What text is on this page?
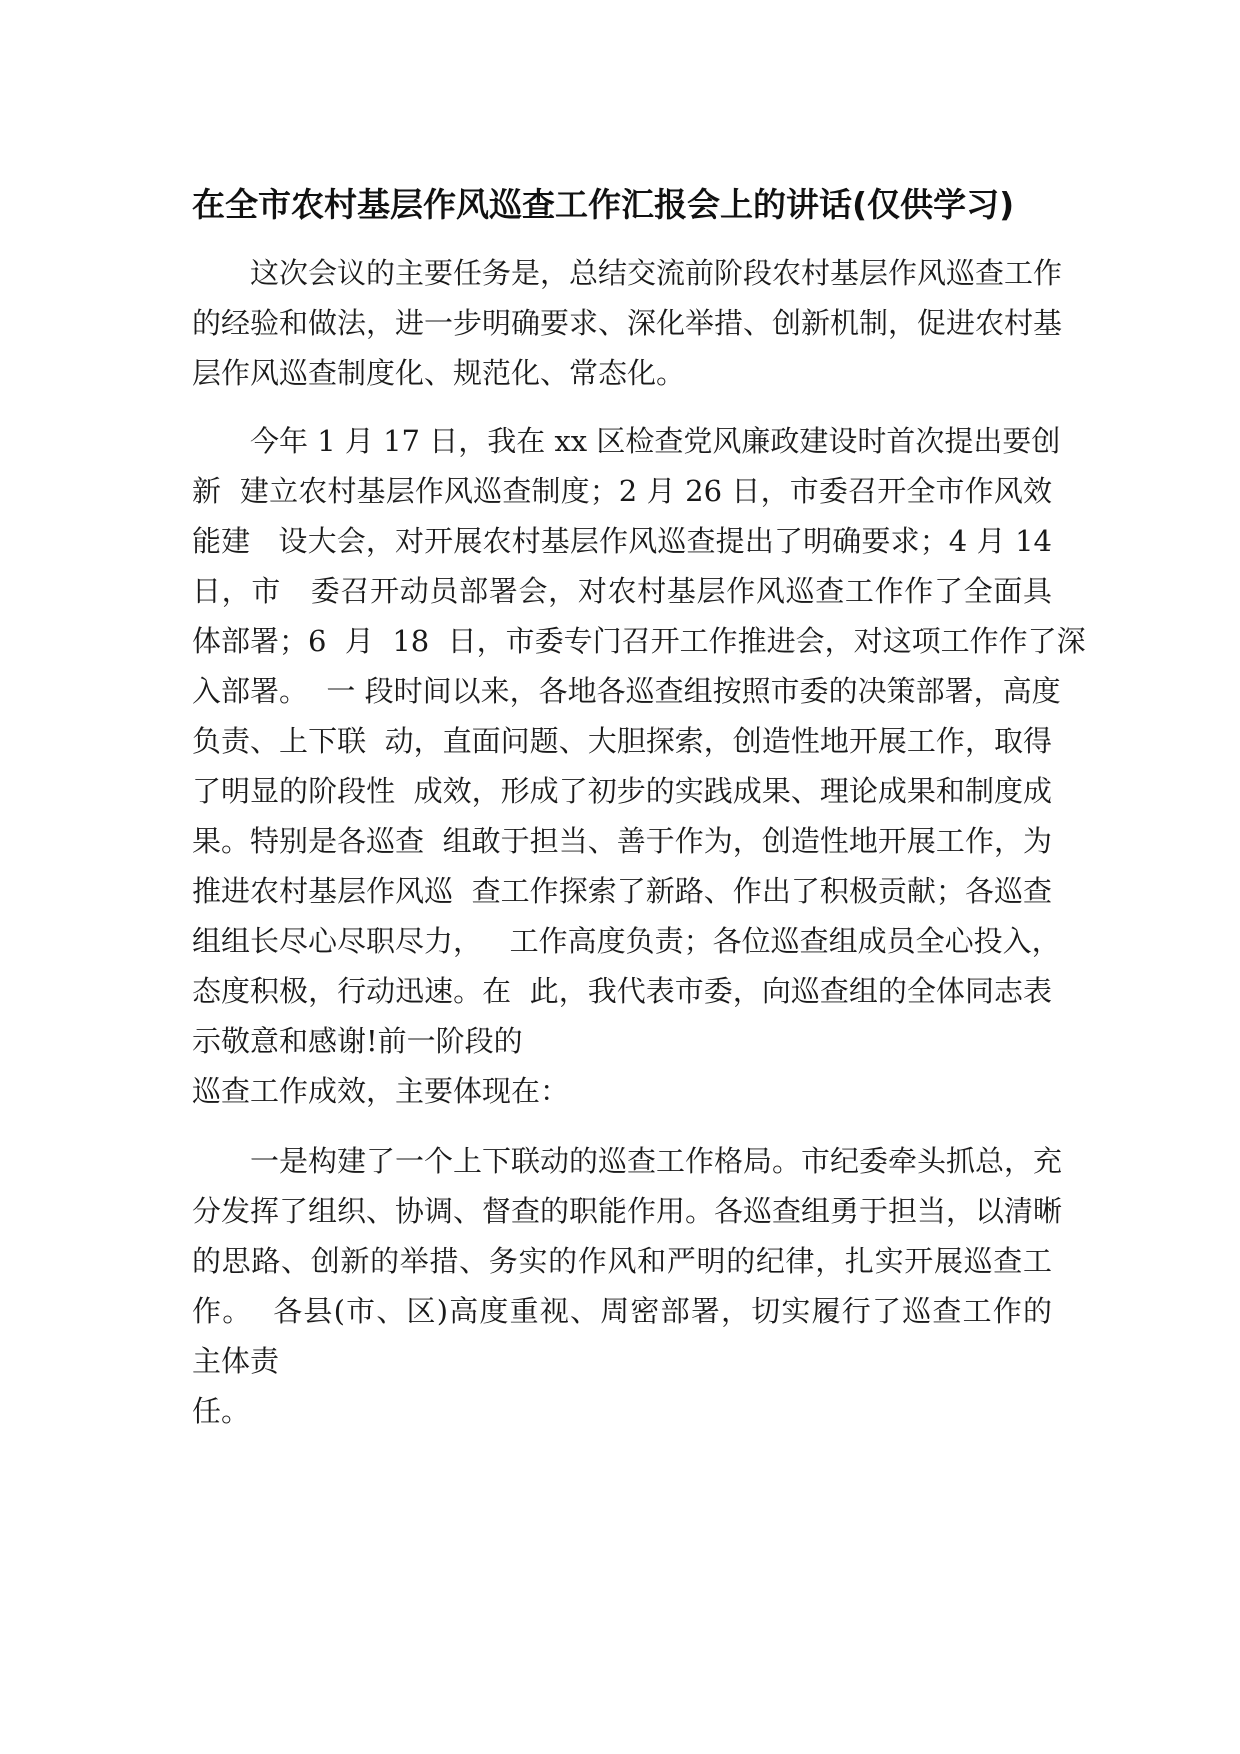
在全市农村基层作风巡查工作汇报会上的讲话(仅供学习)
这次会议的主要任务是，总结交流前阶段农村基层作风巡查工作
的经验和做法，进一步明确要求、深化举措、创新机制，促进农村基
层作风巡查制度化、规范化、常态化。
今年 1 月 17 日，我在 xx 区检查党风廉政建设时首次提出要创
新  建立农村基层作风巡查制度；2 月 26 日，市委召开全市作风效
能建   设大会，对开展农村基层作风巡查提出了明确要求；4 月 14
日，市   委召开动员部署会，对农村基层作风巡查工作作了全面具
体部署；6  月  18  日，市委专门召开工作推进会，对这项工作作了深
入部署。  一 段时间以来，各地各巡查组按照市委的决策部署，高度
负责、上下联  动，直面问题、大胆探索，创造性地开展工作，取得
了明显的阶段性  成效，形成了初步的实践成果、理论成果和制度成
果。特别是各巡查  组敢于担当、善于作为，创造性地开展工作，为
推进农村基层作风巡  查工作探索了新路、作出了积极贡献；各巡查
组组长尽心尽职尽力，   工作高度负责；各位巡查组成员全心投入，
态度积极，行动迅速。在  此，我代表市委，向巡查组的全体同志表
示敬意和感谢!前一阶段的
巡查工作成效，主要体现在：
一是构建了一个上下联动的巡查工作格局。市纪委牵头抓总，充
分发挥了组织、协调、督查的职能作用。各巡查组勇于担当，以清晰
的思路、创新的举措、务实的作风和严明的纪律，扎实开展巡查工
作。  各县(市、区)高度重视、周密部署，切实履行了巡查工作的
主体责
任。
